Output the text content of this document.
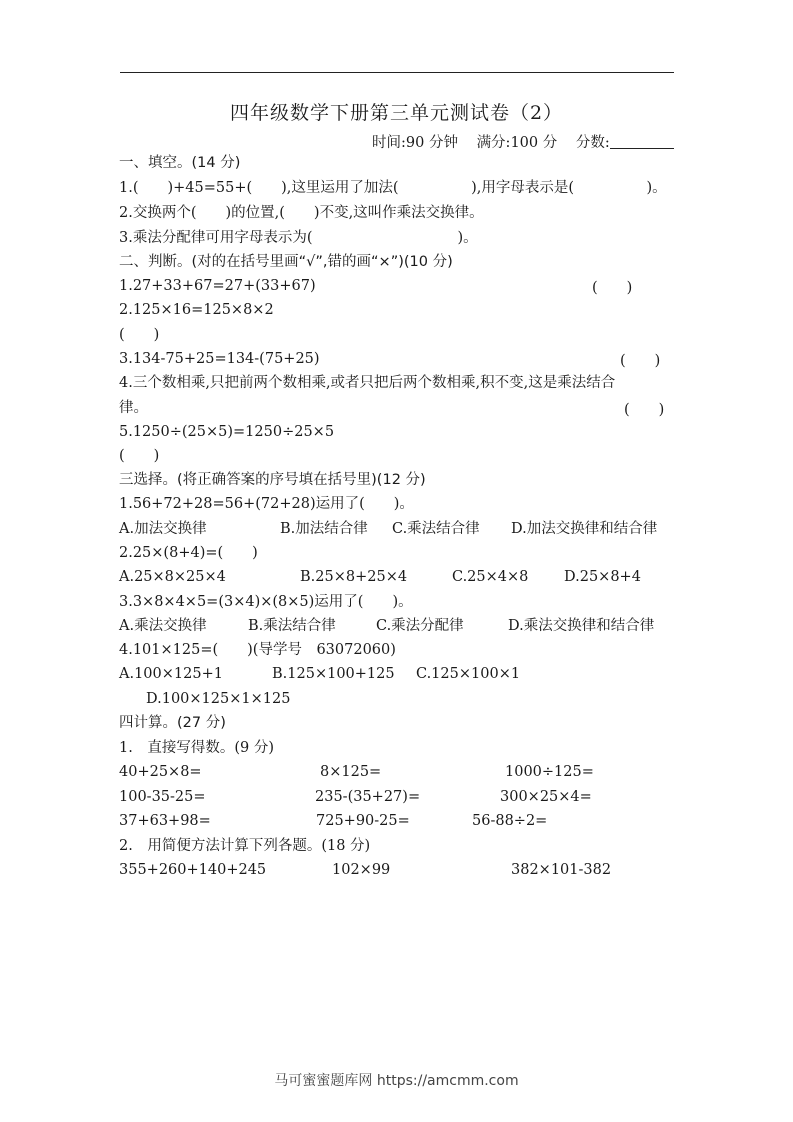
四年级数学下册第三单元测试卷（2）
时间:90 分钟 满分:100 分 分数:
一、填空。(14 分)
1.(　　)+45=55+(　　),这里运用了加法(　　　　　),用字母表示是(　　　　　)。
2.交换两个(　　)的位置,(　　)不变,这叫作乘法交换律。
3.乘法分配律可用字母表示为(　　　　　　　　　　)。
二、判断。(对的在括号里画“√”,错的画“×”)(10 分)
1.27+33+67=27+(33+67)	(　　)
2.125×16=125×8×2
(　　)
3.134-75+25=134-(75+25)	(　　)
4.三个数相乘,只把前两个数相乘,或者只把后两个数相乘,积不变,这是乘法结合
律。	(　　)
5.1250÷(25×5)=1250÷25×5
(　　)
三选择。(将正确答案的序号填在括号里)(12 分)
1.56+72+28=56+(72+28)运用了(　　)。
A.加法交换律	B.加法结合律 C.乘法结合律 D.加法交换律和结合律
2.25×(8+4)=(　　)
A.25×8×25×4	B.25×8+25×4	C.25×4×8 D.25×8+4
3.3×8×4×5=(3×4)×(8×5)运用了(　　)。
A.乘法交换律	B.乘法结合律	C.乘法分配律	D.乘法交换律和结合律
4.101×125=(　　)(导学号　63072060)
A.100×125+1	B.125×100+125 C.125×100×1
D.100×125×1×125
四计算。(27 分)
1.　直接写得数。(9 分)
40+25×8=	8×125=	1000÷125=
100-35-25=	235-(35+27)=	300×25×4=
37+63+98=	725+90-25=	56-88÷2=
2.　用简便方法计算下列各题。(18 分)
355+260+140+245	102×99	382×101-382
马可蜜蜜题库网 https://amcmm.com
